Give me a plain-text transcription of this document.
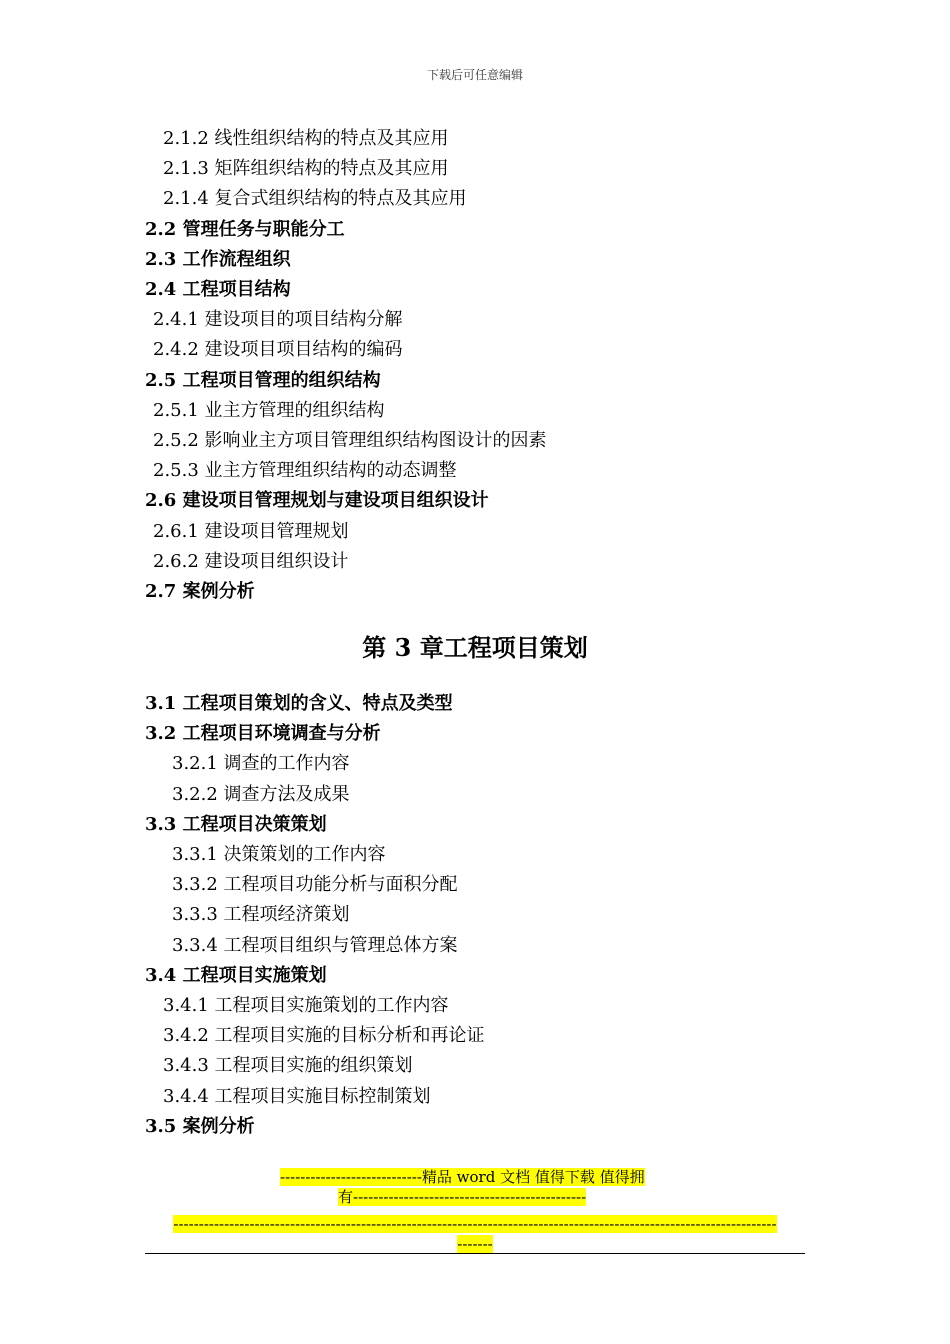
下载后可任意编辑
2.1.2 线性组织结构的特点及其应用
2.1.3 矩阵组织结构的特点及其应用
2.1.4 复合式组织结构的特点及其应用
2.2 管理任务与职能分工
2.3 工作流程组织
2.4 工程项目结构
2.4.1 建设项目的项目结构分解
2.4.2 建设项目项目结构的编码
2.5 工程项目管理的组织结构
2.5.1 业主方管理的组织结构
2.5.2 影响业主方项目管理组织结构图设计的因素
2.5.3 业主方管理组织结构的动态调整
2.6 建设项目管理规划与建设项目组织设计
2.6.1 建设项目管理规划
2.6.2 建设项目组织设计
2.7 案例分析
第 3 章工程项目策划
3.1 工程项目策划的含义、特点及类型
3.2 工程项目环境调查与分析
3.2.1 调查的工作内容
3.2.2 调查方法及成果
3.3 工程项目决策策划
3.3.1 决策策划的工作内容
3.3.2 工程项目功能分析与面积分配
3.3.3 工程项经济策划
3.3.4 工程项目组织与管理总体方案
3.4 工程项目实施策划
3.4.1 工程项目实施策划的工作内容
3.4.2 工程项目实施的目标分析和再论证
3.4.3 工程项目实施的组织策划
3.4.4 工程项目实施目标控制策划
3.5 案例分析
----------------------------精品 word 文档 值得下载 值得拥
有----------------------------------------------
-----------------------------------------------------------------------------------------------------------------------
-------
